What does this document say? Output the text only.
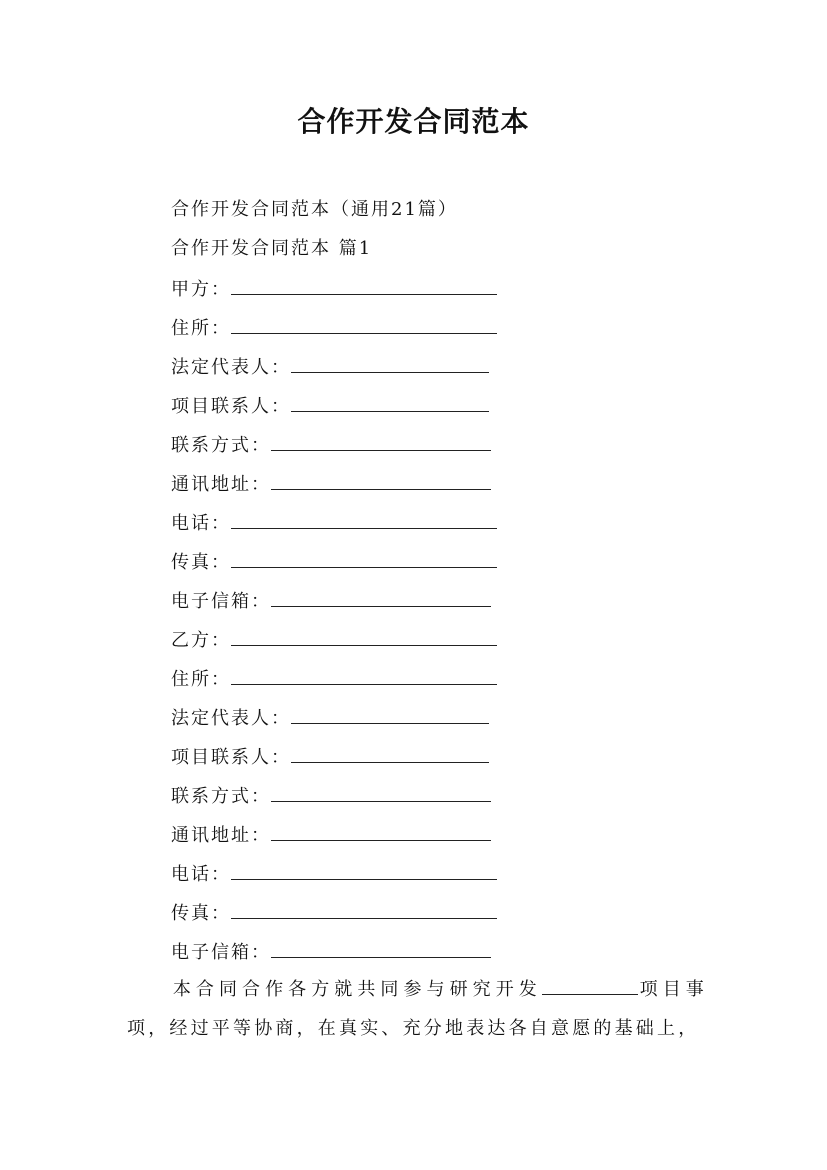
合作开发合同范本
合作开发合同范本（通用21篇）
合作开发合同范本 篇1
甲方：
住所：
法定代表人：
项目联系人：
联系方式：
通讯地址：
电话：
传真：
电子信箱：
乙方：
住所：
法定代表人：
项目联系人：
联系方式：
通讯地址：
电话：
传真：
电子信箱：
本合同合作各方就共同参与研究开发	项目事项，经过平等协商，在真实、充分地表达各自意愿的基础上，
